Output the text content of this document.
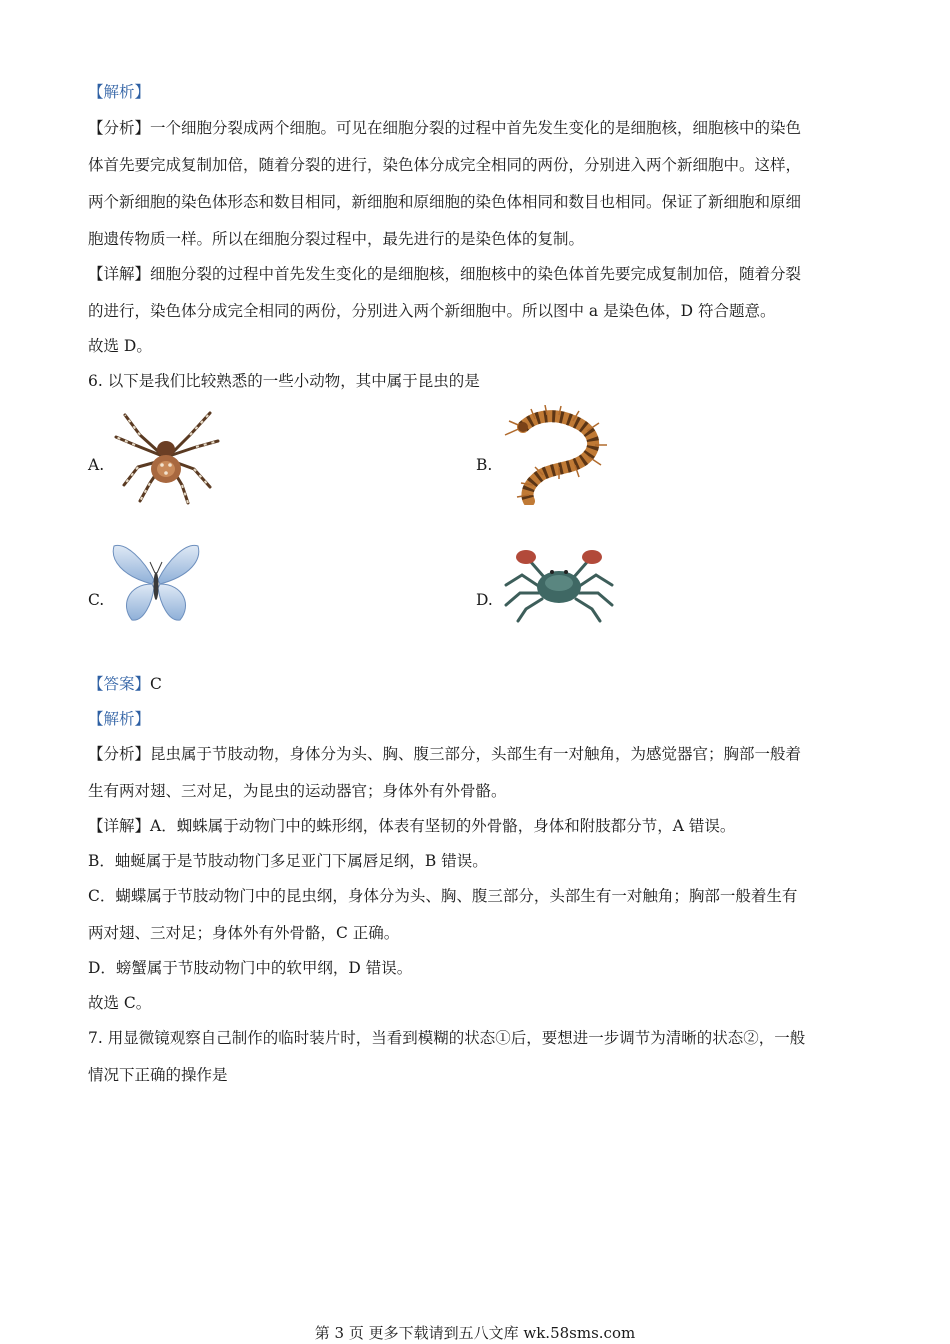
【解析】
【分析】一个细胞分裂成两个细胞。可见在细胞分裂的过程中首先发生变化的是细胞核，细胞核中的染色
体首先要完成复制加倍，随着分裂的进行，染色体分成完全相同的两份，分别进入两个新细胞中。这样，
两个新细胞的染色体形态和数目相同，新细胞和原细胞的染色体相同和数目也相同。保证了新细胞和原细
胞遗传物质一样。所以在细胞分裂过程中，最先进行的是染色体的复制。
【详解】细胞分裂的过程中首先发生变化的是细胞核，细胞核中的染色体首先要完成复制加倍，随着分裂
的进行，染色体分成完全相同的两份，分别进入两个新细胞中。所以图中 a 是染色体，D 符合题意。
故选 D。
6. 以下是我们比较熟悉的一些小动物，其中属于昆虫的是
A.	B.
C.	D.
【答案】C
【解析】
【分析】昆虫属于节肢动物，身体分为头、胸、腹三部分，头部生有一对触角，为感觉器官；胸部一般着
生有两对翅、三对足，为昆虫的运动器官；身体外有外骨骼。
【详解】A．蜘蛛属于动物门中的蛛形纲，体表有坚韧的外骨骼，身体和附肢都分节，A 错误。
B．蚰蜒属于是节肢动物门多足亚门下属唇足纲，B 错误。
C．蝴蝶属于节肢动物门中的昆虫纲，身体分为头、胸、腹三部分，头部生有一对触角；胸部一般着生有
两对翅、三对足；身体外有外骨骼，C 正确。
D．螃蟹属于节肢动物门中的软甲纲，D 错误。
故选 C。
7. 用显微镜观察自己制作的临时装片时，当看到模糊的状态①后，要想进一步调节为清晰的状态②，一般
情况下正确的操作是
第 3 页 更多下载请到五八文库 wk.58sms.com
